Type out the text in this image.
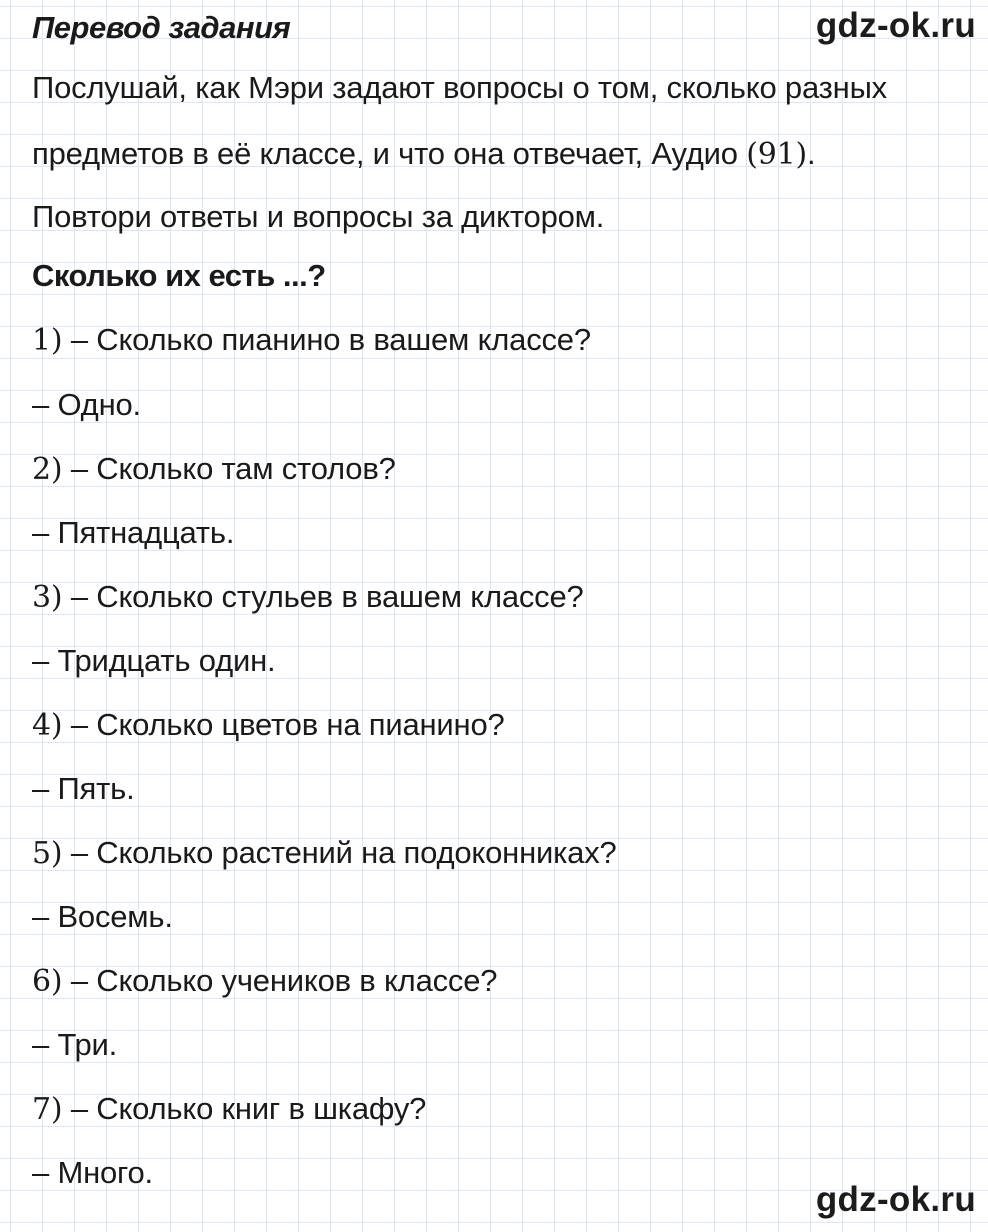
Перевод задания	gdz-ok.ru
Послушай, как Мэри задают вопросы о том, сколько разных
предметов в её классе, и что она отвечает, Аудио (91).
Повтори ответы и вопросы за диктором.
Сколько их есть ...?
1) – Сколько пианино в вашем классе?
– Одно.
2) – Сколько там столов?
– Пятнадцать.
3) – Сколько стульев в вашем классе?
– Тридцать один.
4) – Сколько цветов на пианино?
– Пять.
5) – Сколько растений на подоконниках?
– Восемь.
6) – Сколько учеников в классе?
– Три.
7) – Сколько книг в шкафу?
– Много.
gdz-ok.ru
